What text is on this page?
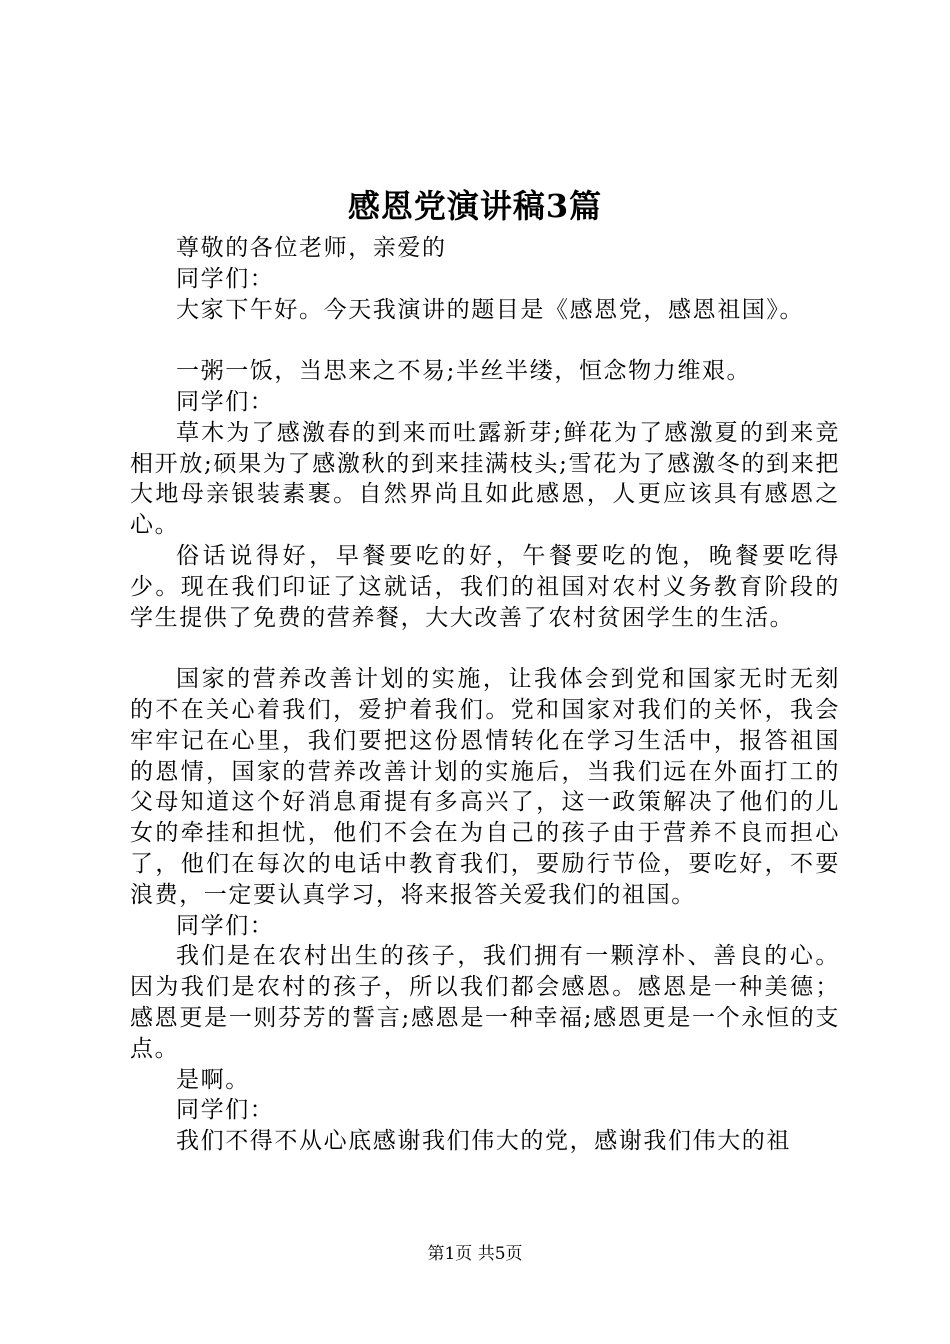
感恩党演讲稿3篇

尊敬的各位老师，亲爱的

同学们：

大家下午好。今天我演讲的题目是《感恩党，感恩祖国》。

一粥一饭，当思来之不易;半丝半缕，恒念物力维艰。

同学们：

草木为了感激春的到来而吐露新芽;鲜花为了感激夏的到来竞相开放;硕果为了感激秋的到来挂满枝头;雪花为了感激冬的到来把大地母亲银装素裹。自然界尚且如此感恩，人更应该具有感恩之心。

俗话说得好，早餐要吃的好，午餐要吃的饱，晚餐要吃得少。现在我们印证了这就话，我们的祖国对农村义务教育阶段的学生提供了免费的营养餐，大大改善了农村贫困学生的生活。

国家的营养改善计划的实施，让我体会到党和国家无时无刻的不在关心着我们，爱护着我们。党和国家对我们的关怀，我会牢牢记在心里，我们要把这份恩情转化在学习生活中，报答祖国的恩情，国家的营养改善计划的实施后，当我们远在外面打工的父母知道这个好消息甭提有多高兴了，这一政策解决了他们的儿女的牵挂和担忧，他们不会在为自己的孩子由于营养不良而担心了，他们在每次的电话中教育我们，要励行节俭，要吃好，不要浪费，一定要认真学习，将来报答关爱我们的祖国。

同学们：

我们是在农村出生的孩子，我们拥有一颗淳朴、善良的心。因为我们是农村的孩子，所以我们都会感恩。感恩是一种美德；感恩更是一则芬芳的誓言;感恩是一种幸福;感恩更是一个永恒的支点。

是啊。

同学们：

我们不得不从心底感谢我们伟大的党，感谢我们伟大的祖

第1页 共5页
